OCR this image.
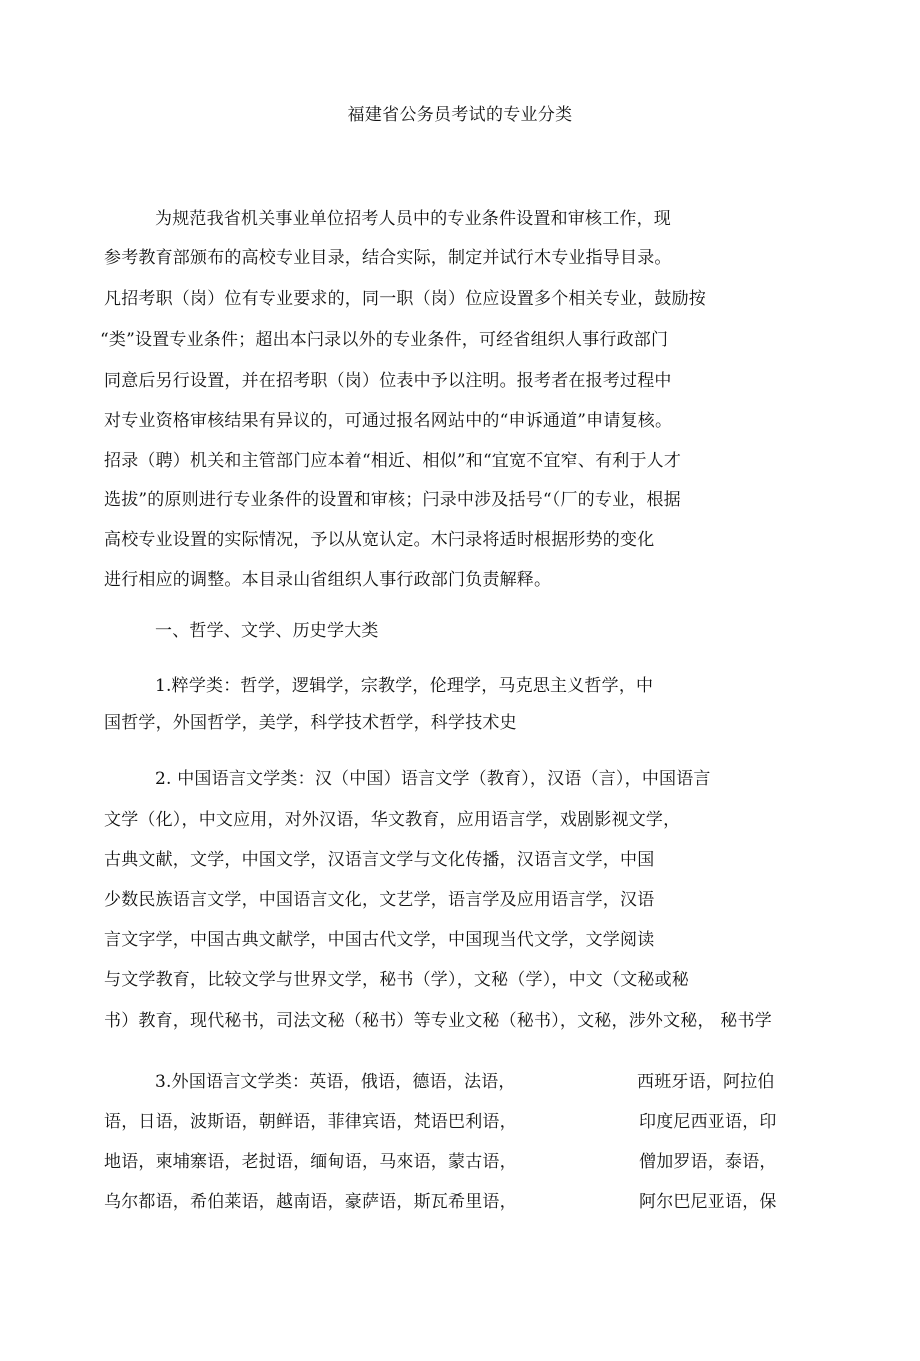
福建省公务员考试的专业分类
为规范我省机关事业单位招考人员中的专业条件设置和审核工作，现
参考教育部颁布的高校专业目录，结合实际，制定并试行木专业指导目录。
凡招考职（岗）位有专业要求的，同一职（岗）位应设置多个相关专业，鼓励按
“类”设置专业条件；超出本闩录以外的专业条件，可经省组织人事行政部门
同意后另行设置，并在招考职（岗）位表中予以注明。报考者在报考过程中
对专业资格审核结果有异议的，可通过报名网站中的“申诉通道”申请复核。
招录（聘）机关和主管部门应本着“相近、相似”和“宜宽不宜窄、有利于人才
选拔”的原则进行专业条件的设置和审核；闩录中涉及括号“（厂的专业，根据
高校专业设置的实际情况，予以从宽认定。木闩录将适时根据形势的变化
进行相应的调整。本目录山省组织人事行政部门负责解释。
一、哲学、文学、历史学大类
1.粹学类：哲学，逻辑学，宗教学，伦理学，马克思主义哲学，中
国哲学，外国哲学，美学，科学技术哲学，科学技术史
2. 中国语言文学类：汉（中国）语言文学（教育），汉语（言），中国语言
文学（化），中文应用，对外汉语，华文教育，应用语言学，戏剧影视文学，
古典文献，文学，中国文学，汉语言文学与文化传播，汉语言文学，中国
少数民族语言文学，中国语言文化，文艺学，语言学及应用语言学，汉语
言文字学，中国古典文献学，中国古代文学，中国现当代文学，文学阅读
与文学教育，比较文学与世界文学，秘书（学），文秘（学），中文（文秘或秘
书）教育，现代秘书，司法文秘（秘书）等专业文秘（秘书），文秘，涉外文秘， 秘书学
3.外国语言文学类：英语，俄语，德语，法语，	西班牙语，阿拉伯
语，日语，波斯语，朝鲜语，菲律宾语，梵语巴利语，	印度尼西亚语，印
地语，柬埔寨语，老挝语，缅甸语，马來语，蒙古语，	僧加罗语，泰语，
乌尔都语，希伯莱语，越南语，豪萨语，斯瓦希里语，	阿尔巴尼亚语，保
